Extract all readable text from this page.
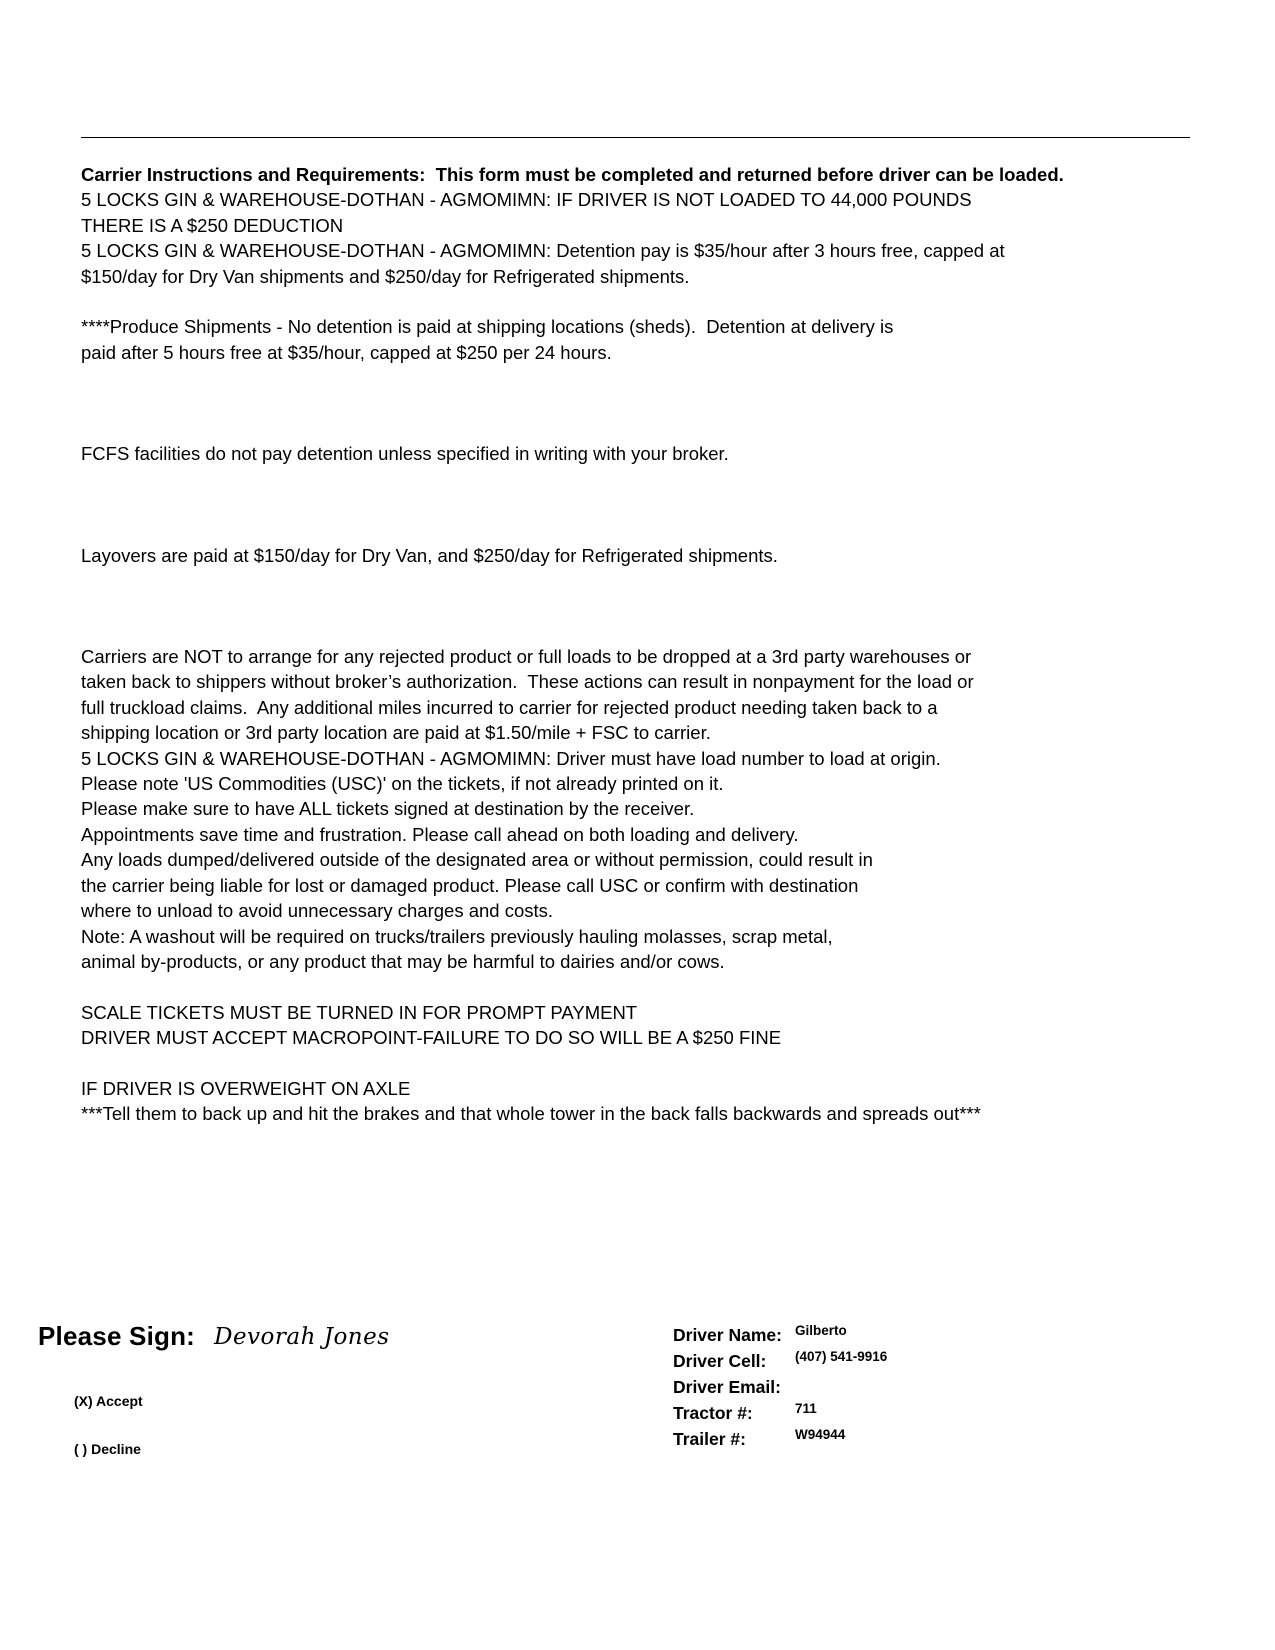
Carrier Instructions and Requirements:  This form must be completed and returned before driver can be loaded.

5 LOCKS GIN & WAREHOUSE-DOTHAN - AGMOMIMN: IF DRIVER IS NOT LOADED TO 44,000 POUNDS

THERE IS A $250 DEDUCTION

5 LOCKS GIN & WAREHOUSE-DOTHAN - AGMOMIMN: Detention pay is $35/hour after 3 hours free, capped at

$150/day for Dry Van shipments and $250/day for Refrigerated shipments.

****Produce Shipments - No detention is paid at shipping locations (sheds).  Detention at delivery is

paid after 5 hours free at $35/hour, capped at $250 per 24 hours.

FCFS facilities do not pay detention unless specified in writing with your broker.

Layovers are paid at $150/day for Dry Van, and $250/day for Refrigerated shipments.

Carriers are NOT to arrange for any rejected product or full loads to be dropped at a 3rd party warehouses or

taken back to shippers without broker’s authorization.  These actions can result in nonpayment for the load or

full truckload claims.  Any additional miles incurred to carrier for rejected product needing taken back to a

shipping location or 3rd party location are paid at $1.50/mile + FSC to carrier.

5 LOCKS GIN & WAREHOUSE-DOTHAN - AGMOMIMN: Driver must have load number to load at origin.

Please note 'US Commodities (USC)' on the tickets, if not already printed on it.

Please make sure to have ALL tickets signed at destination by the receiver.

Appointments save time and frustration. Please call ahead on both loading and delivery.

Any loads dumped/delivered outside of the designated area or without permission, could result in

the carrier being liable for lost or damaged product. Please call USC or confirm with destination

where to unload to avoid unnecessary charges and costs.

Note: A washout will be required on trucks/trailers previously hauling molasses, scrap metal,

animal by-products, or any product that may be harmful to dairies and/or cows.

SCALE TICKETS MUST BE TURNED IN FOR PROMPT PAYMENT

DRIVER MUST ACCEPT MACROPOINT-FAILURE TO DO SO WILL BE A $250 FINE

IF DRIVER IS OVERWEIGHT ON AXLE

***Tell them to back up and hit the brakes and that whole tower in the back falls backwards and spreads out***

Please Sign: Devorah Jones
(X) Accept
( ) Decline
Driver Name: Gilberto
Driver Cell: (407) 541-9916
Driver Email:
Tractor #:	711
Trailer #:	W94944
